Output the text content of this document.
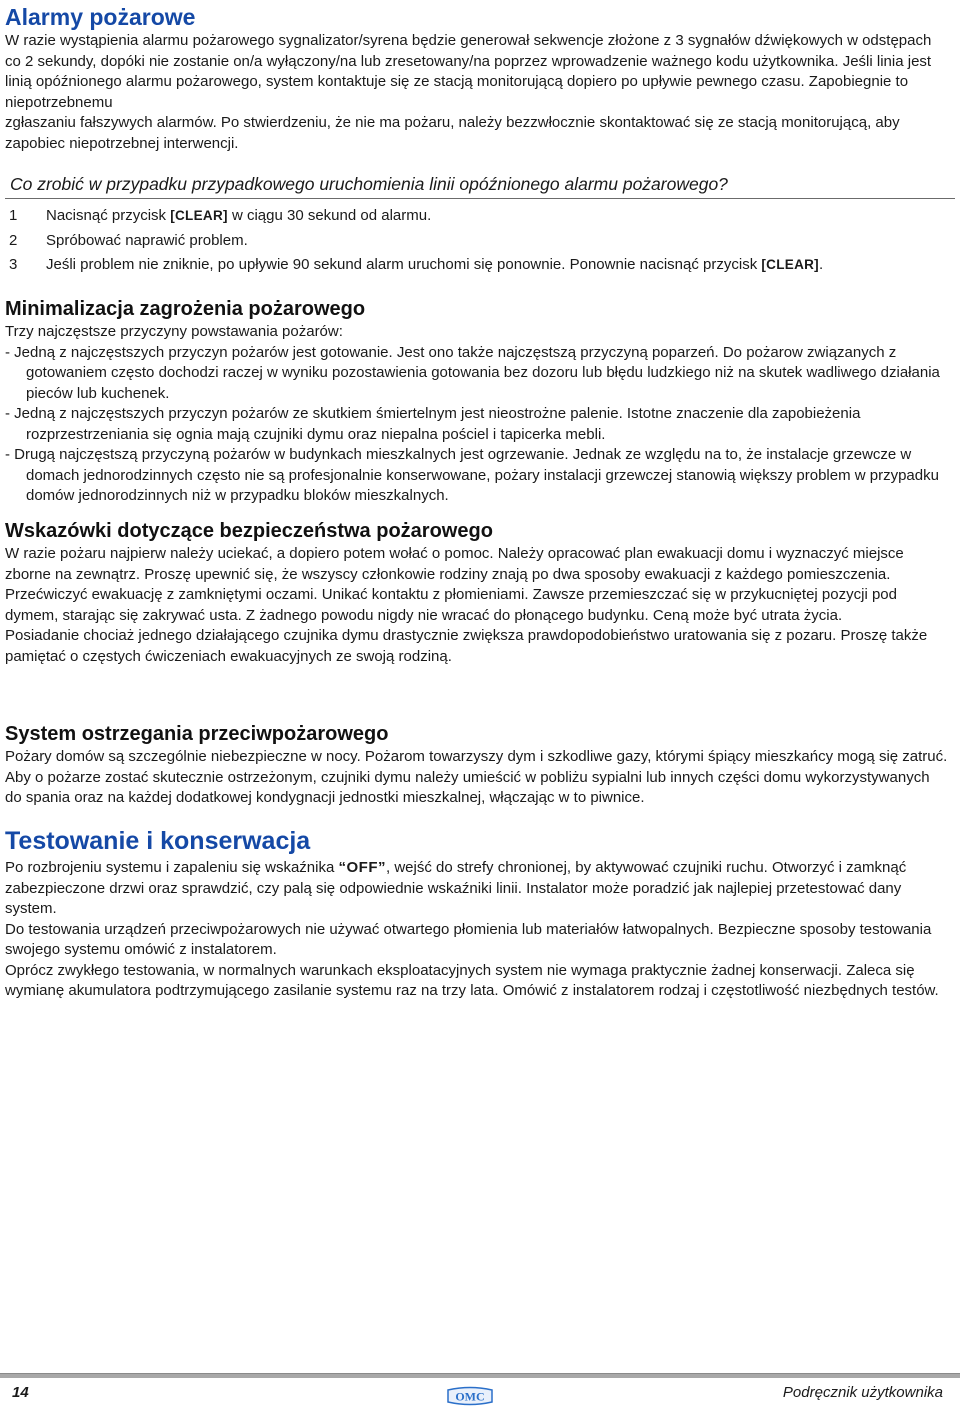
Alarmy pożarowe

W razie wystąpienia alarmu pożarowego sygnalizator/syrena będzie generował sekwencje złożone z 3 sygnałów dźwiękowych w odstępach co 2 sekundy, dopóki nie zostanie on/a wyłączony/na lub zresetowany/na poprzez wprowadzenie ważnego kodu użytkownika. Jeśli linia jest linią opóźnionego alarmu pożarowego, system kontaktuje się ze stacją monitorującą dopiero po upływie pewnego czasu. Zapobiegnie to niepotrzebnemu

zgłaszaniu fałszywych alarmów. Po stwierdzeniu, że nie ma pożaru, należy bezzwłocznie skontaktować się ze stacją monitorującą, aby zapobiec niepotrzebnej interwencji.

Co zrobić w przypadku przypadkowego uruchomienia linii opóźnionego alarmu pożarowego?
1	Nacisnąć przycisk [CLEAR] w ciągu 30 sekund od alarmu.
2	Spróbować naprawić problem.
3	Jeśli problem nie zniknie, po upływie 90 sekund alarm uruchomi się ponownie. Ponownie nacisnąć przycisk [CLEAR].
Minimalizacja zagrożenia pożarowego

Trzy najczęstsze przyczyny powstawania pożarów:

- Jedną z najczęstszych przyczyn pożarów jest gotowanie. Jest ono także najczęstszą przyczyną poparzeń. Do pożarow związanych z gotowaniem często dochodzi raczej w wyniku pozostawienia gotowania bez dozoru lub błędu ludzkiego niż na skutek wadliwego działania pieców lub kuchenek.

- Jedną z najczęstszych przyczyn pożarów ze skutkiem śmiertelnym jest nieostrożne palenie. Istotne znaczenie dla zapobieżenia rozprzestrzeniania się ognia mają czujniki dymu oraz niepalna pościel i tapicerka mebli.

- Drugą najczęstszą przyczyną pożarów w budynkach mieszkalnych jest ogrzewanie. Jednak ze względu na to, że instalacje grzewcze w domach jednorodzinnych często nie są profesjonalnie konserwowane, pożary instalacji grzewczej stanowią większy problem w przypadku domów jednorodzinnych niż w przypadku bloków mieszkalnych.

Wskazówki dotyczące bezpieczeństwa pożarowego

W razie pożaru najpierw należy uciekać, a dopiero potem wołać o pomoc. Należy opracować plan ewakuacji domu i wyznaczyć miejsce zborne na zewnątrz. Proszę upewnić się, że wszyscy członkowie rodziny znają po dwa sposoby ewakuacji z każdego pomieszczenia.

Przećwiczyć ewakuację z zamkniętymi oczami. Unikać kontaktu z płomieniami. Zawsze przemieszczać się w przykucniętej pozycji pod dymem, starając się zakrywać usta. Z żadnego powodu nigdy nie wracać do płonącego budynku. Ceną może być utrata życia.

Posiadanie chociaż jednego działającego czujnika dymu drastycznie zwiększa prawdopodobieństwo uratowania się z pozaru. Proszę także pamiętać o częstych ćwiczeniach ewakuacyjnych ze swoją rodziną.

System ostrzegania przeciwpożarowego

Pożary domów są szczególnie niebezpieczne w nocy. Pożarom towarzyszy dym i szkodliwe gazy, którymi śpiący mieszkańcy mogą się zatruć. Aby o pożarze zostać skutecznie ostrzeżonym, czujniki dymu należy umieścić w pobliżu sypialni lub innych części domu wykorzystywanych do spania oraz na każdej dodatkowej kondygnacji jednostki mieszkalnej, włączając w to piwnice.

Testowanie i konserwacja

Po rozbrojeniu systemu i zapaleniu się wskaźnika “OFF”, wejść do strefy chronionej, by aktywować czujniki ruchu. Otworzyć i zamknąć zabezpieczone drzwi oraz sprawdzić, czy palą się odpowiednie wskaźniki linii. Instalator może poradzić jak najlepiej przetestować dany system.

Do testowania urządzeń przeciwpożarowych nie używać otwartego płomienia lub materiałów łatwopalnych. Bezpieczne sposoby testowania swojego systemu omówić z instalatorem.

Oprócz zwykłego testowania, w normalnych warunkach eksploatacyjnych system nie wymaga praktycznie żadnej konserwacji. Zaleca się wymianę akumulatora podtrzymującego zasilanie systemu raz na trzy lata. Omówić z instalatorem rodzaj i częstotliwość niezbędnych testów.

14	OMC	Podręcznik użytkownika
